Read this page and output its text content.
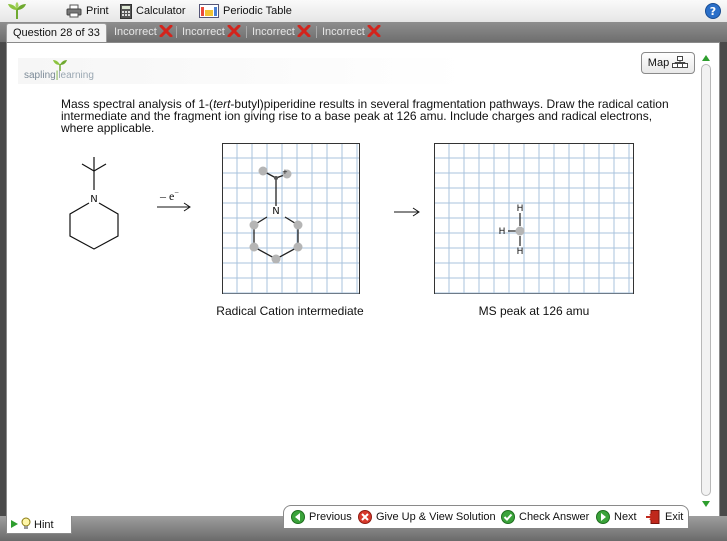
Print Calculator	Periodic Table	?
Question 28 of 33	Incorrect Incorrect Incorrect Incorrect
sapling|learning
Map
Mass spectral analysis of 1-(tert-butyl)piperidine results in several fragmentation pathways. Draw the radical cation intermediate and the fragment ion giving rise to a base peak at 126 amu. Include charges and radical electrons, where applicable.
N	– e−
+
N
Radical Cation intermediate
H
H
H
MS peak at 126 amu
Hint
Previous Give Up & View Solution Check Answer Next	Exit
